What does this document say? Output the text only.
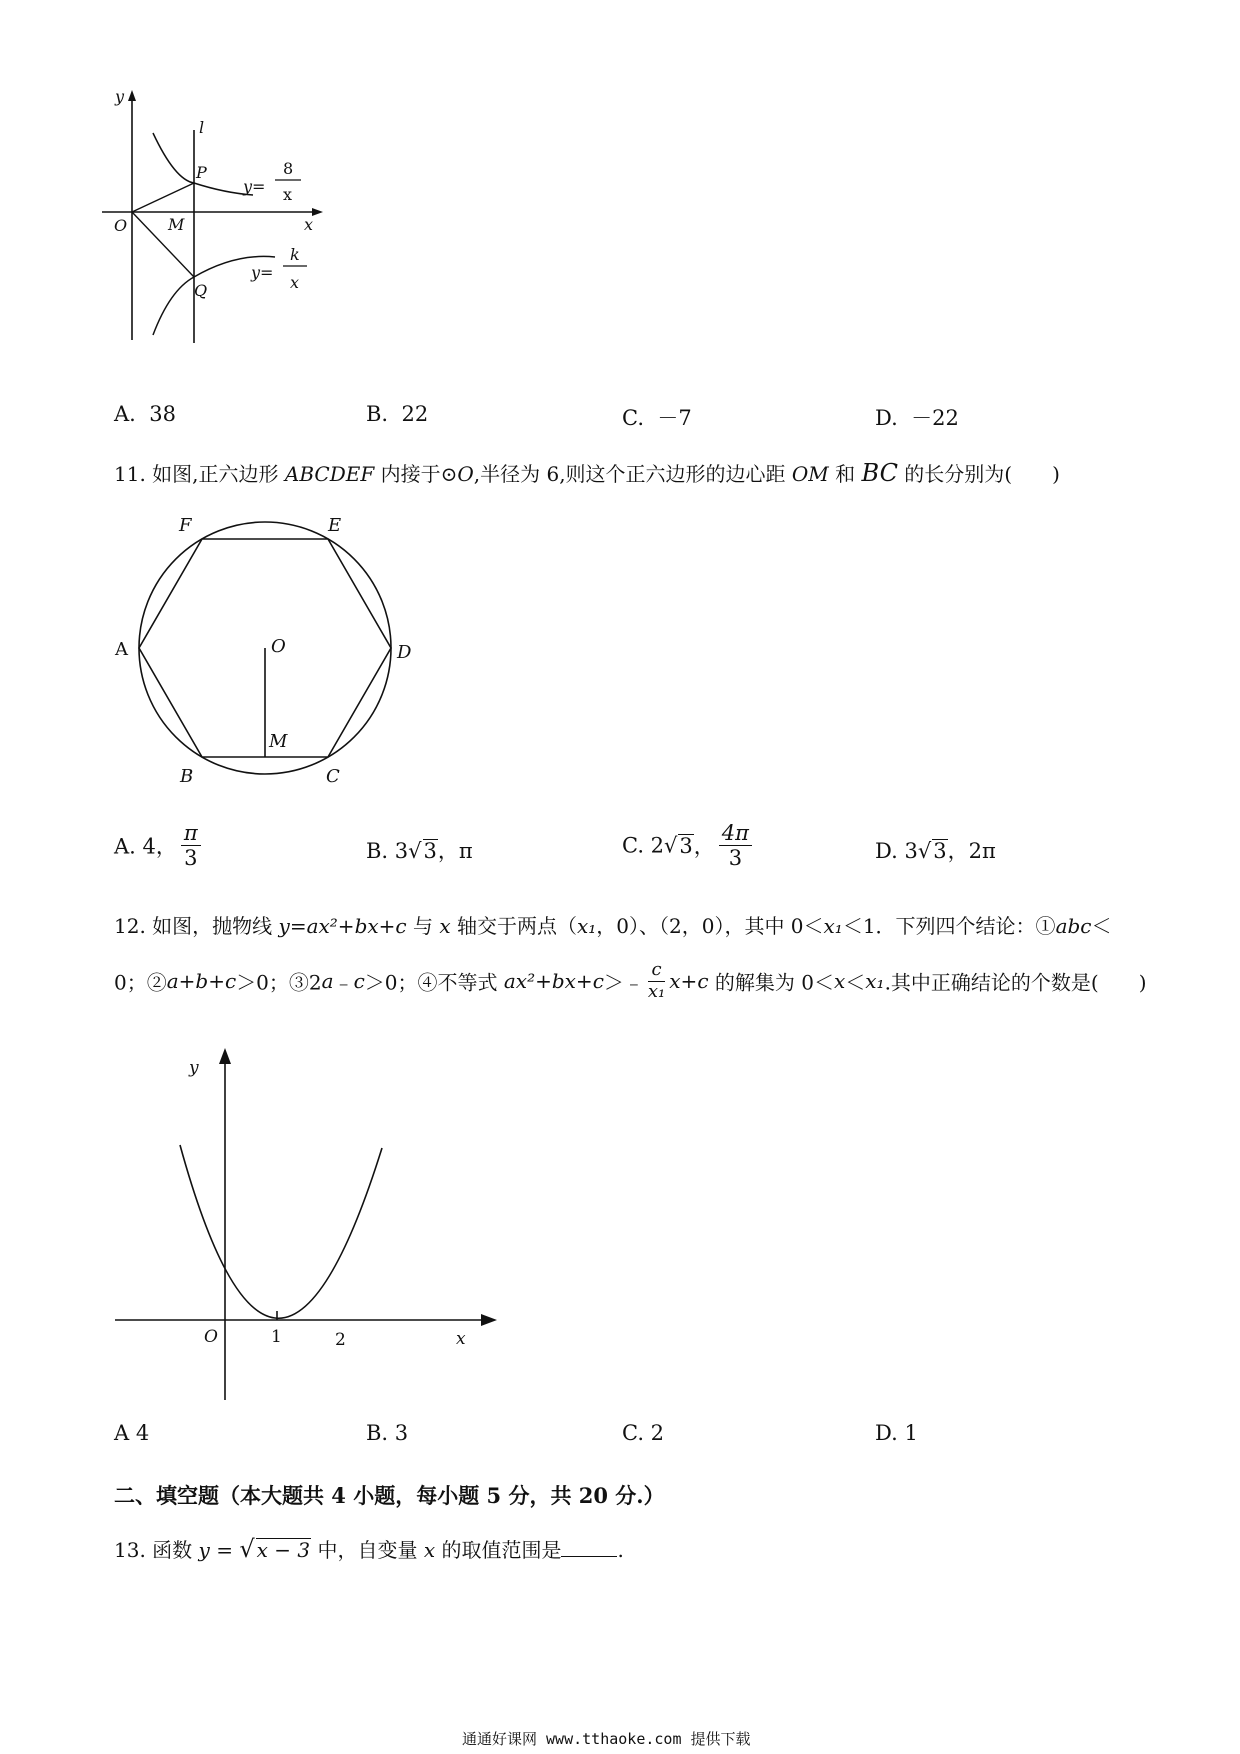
y
l
P
O	M	x
Q
y=
8
x
y=
k
x
A. 38	B. 22	C. －7	D. －22
11. 如图,正六边形 ABCDEF 内接于⊙O,半径为 6,则这个正六边形的边心距 OM 和 BC 的长分别为(　　)
F	E
A	D
O
M
B	C
A. 4， $\frac{\pi}{3}$	B. 3√3，π	C. 2√3， $\frac{4\pi}{3}$	D. 3√3，2π
12. 如图，抛物线 y=ax²+bx+c 与 x 轴交于两点（x₁，0）、（2，0），其中 0＜x₁＜1．下列四个结论：①abc＜
0；②a+b+c＞0；③2a﹣c＞0；④不等式 ax²+bx+c＞﹣ $\frac{c}{\text{x₁}} x+c$ 的解集为 0＜x＜x₁.其中正确结论的个数是(　　)
y
O	1	2	x
A 4	B. 3	C. 2	D. 1
二、填空题（本大题共 4 小题，每小题 5 分，共 20 分.）
13. 函数 y = √ x − 3 中，自变量 x 的取值范围是	.
通通好课网 www.tthaoke.com 提供下载
